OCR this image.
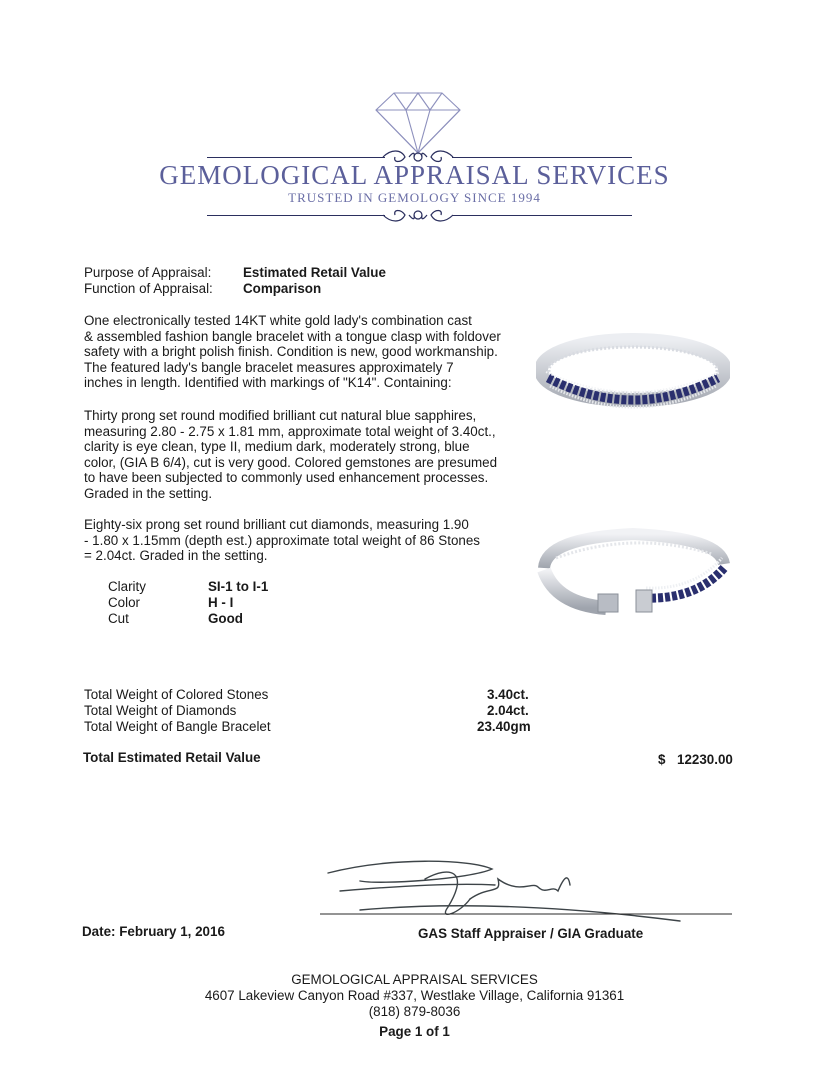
GEMOLOGICAL APPRAISAL SERVICES
TRUSTED IN GEMOLOGY SINCE 1994
Purpose of Appraisal: Estimated Retail Value
Function of Appraisal: Comparison
One electronically tested 14KT white gold lady's combination cast
& assembled fashion bangle bracelet with a tongue clasp with foldover
safety with a bright polish finish. Condition is new, good workmanship.
The featured lady's bangle bracelet measures approximately 7
inches in length. Identified with markings of "K14". Containing:
Thirty prong set round modified brilliant cut natural blue sapphires,
measuring 2.80 - 2.75 x 1.81 mm, approximate total weight of 3.40ct.,
clarity is eye clean, type II, medium dark, moderately strong, blue
color, (GIA B 6/4), cut is very good. Colored gemstones are presumed
to have been subjected to commonly used enhancement processes.
Graded in the setting.
Eighty-six prong set round brilliant cut diamonds, measuring 1.90
- 1.80 x 1.15mm (depth est.) approximate total weight of 86 Stones
= 2.04ct. Graded in the setting.
Clarity	SI-1 to I-1
Color	H - I
Cut	Good
Total Weight of Colored Stones	3.40ct.
Total Weight of Diamonds	2.04ct.
Total Weight of Bangle Bracelet	23.40gm
Total Estimated Retail Value	$ 12230.00
Date: February 1, 2016	GAS Staff Appraiser / GIA Graduate
GEMOLOGICAL APPRAISAL SERVICES
4607 Lakeview Canyon Road #337, Westlake Village, California 91361
(818) 879-8036
Page 1 of 1
